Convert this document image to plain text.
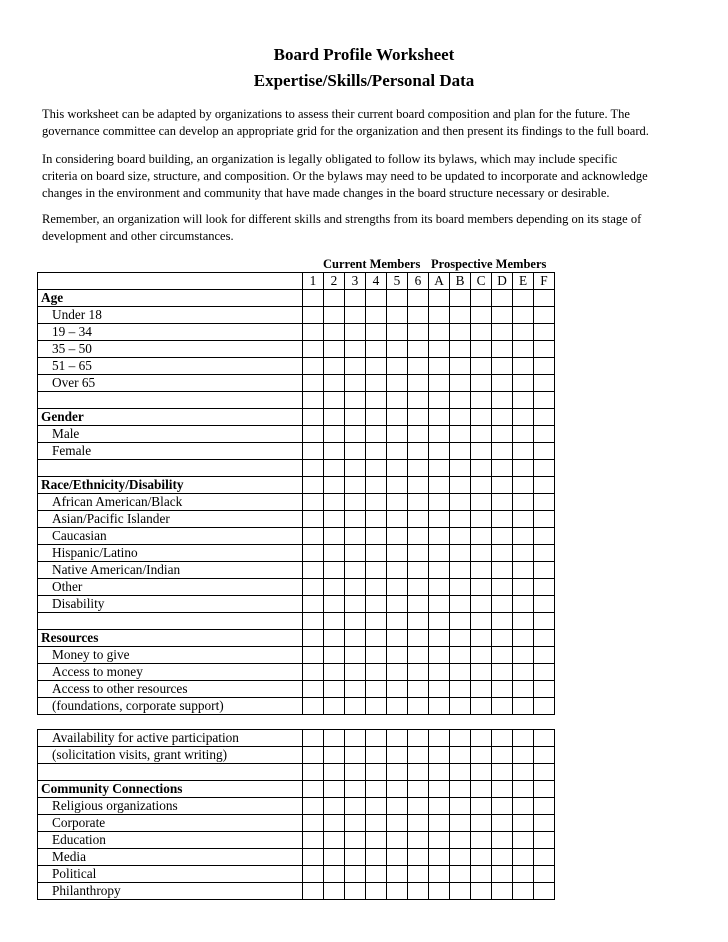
Board Profile Worksheet
Expertise/Skills/Personal Data
This worksheet can be adapted by organizations to assess their current board composition and plan for the future. The
governance committee can develop an appropriate grid for the organization and then present its findings to the full board.
In considering board building, an organization is legally obligated to follow its bylaws, which may include specific
criteria on board size, structure, and composition. Or the bylaws may need to be updated to incorporate and acknowledge
changes in the environment and community that have made changes in the board structure necessary or desirable.
Remember, an organization will look for different skills and strengths from its board members depending on its stage of
development and other circumstances.
Current Members Prospective Members
	1	2	3	4	5	6	A	B	C	D	E	F
Age												
Under 18												
19 – 34												
35 – 50												
51 – 65												
Over 65												

Gender												
Male												
Female												

Race/Ethnicity/Disability												
African American/Black												
Asian/Pacific Islander												
Caucasian												
Hispanic/Latino												
Native American/Indian												
Other												
Disability												

Resources												
Money to give												
Access to money												
Access to other resources												
(foundations, corporate support)												
Availability for active participation												
(solicitation visits, grant writing)												

Community Connections												
Religious organizations												
Corporate												
Education												
Media												
Political												
Philanthropy												
